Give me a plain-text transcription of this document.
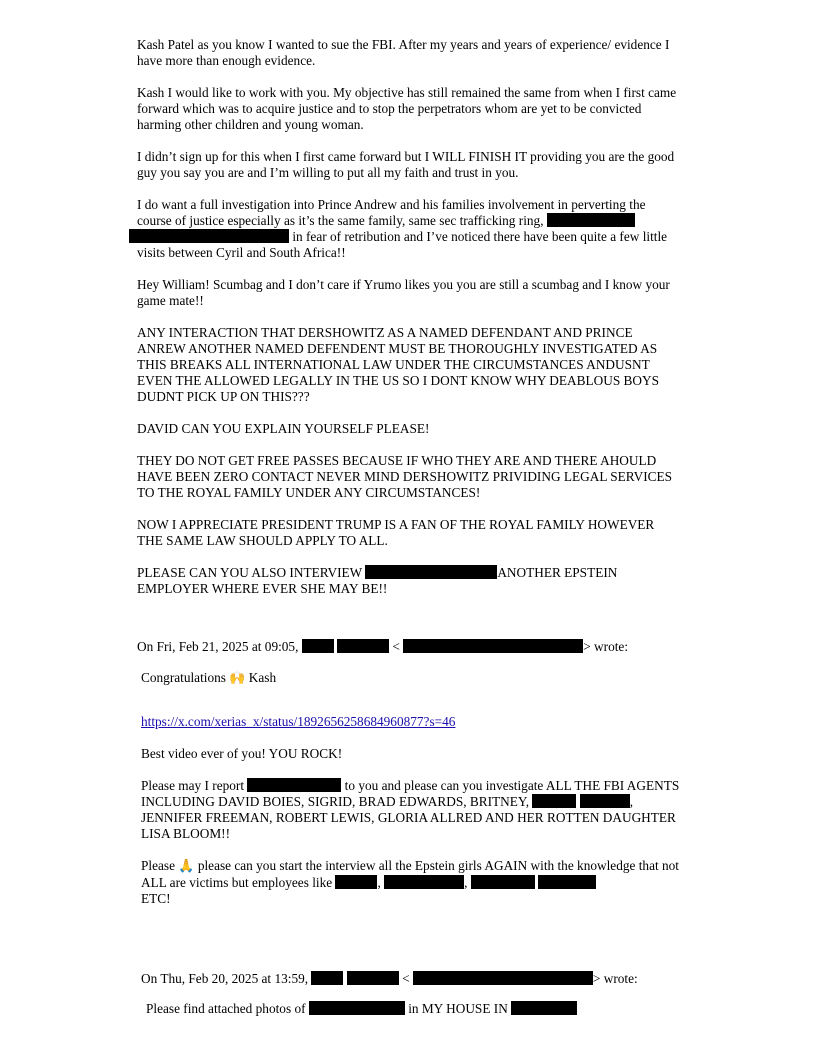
Kash Patel as you know I wanted to sue the FBI. After my years and years of experience/ evidence I have more than enough evidence.

Kash I would like to work with you. My objective has still remained the same from when I first came forward which was to acquire justice and to stop the perpetrators whom are yet to be convicted harming other children and young woman.

I didn’t sign up for this when I first came forward but I WILL FINISH IT providing you are the good guy you say you are and I’m willing to put all my faith and trust in you.

I do want a full investigation into Prince Andrew and his families involvement in perverting the course of justice especially as it’s the same family, same sec trafficking ring,
in fear of retribution and I’ve noticed there have been quite a few little visits between Cyril and South Africa!!

Hey William! Scumbag and I don’t care if Yrumo likes you you are still a scumbag and I know your game mate!!

ANY INTERACTION THAT DERSHOWITZ AS A NAMED DEFENDANT AND PRINCE ANREW ANOTHER NAMED DEFENDENT MUST BE THOROUGHLY INVESTIGATED AS THIS BREAKS ALL INTERNATIONAL LAW UNDER THE CIRCUMSTANCES ANDUSNT EVEN THE ALLOWED LEGALLY IN THE US SO I DONT KNOW WHY DEABLOUS BOYS DUDNT PICK UP ON THIS???

DAVID CAN YOU EXPLAIN YOURSELF PLEASE!

THEY DO NOT GET FREE PASSES BECAUSE IF WHO THEY ARE AND THERE AHOULD HAVE BEEN ZERO CONTACT NEVER MIND DERSHOWITZ PRIVIDING LEGAL SERVICES TO THE ROYAL FAMILY UNDER ANY CIRCUMSTANCES!

NOW I APPRECIATE PRESIDENT TRUMP IS A FAN OF THE ROYAL FAMILY HOWEVER THE SAME LAW SHOULD APPLY TO ALL.

PLEASE CAN YOU ALSO INTERVIEW	ANOTHER EPSTEIN EMPLOYER WHERE EVER SHE MAY BE!!

On Fri, Feb 21, 2025 at 09:05,	<	> wrote:

Congratulations 🙌 Kash

https://x.com/xerias_x/status/1892656258684960877?s=46

Best video ever of you! YOU ROCK!

Please may I report	to you and please can you investigate ALL THE FBI AGENTS INCLUDING DAVID BOIES, SIGRID, BRAD EDWARDS, BRITNEY,	, JENNIFER FREEMAN, ROBERT LEWIS, GLORIA ALLRED AND HER ROTTEN DAUGHTER LISA BLOOM!!

Please 🙏 please can you start the interview all the Epstein girls AGAIN with the knowledge that not ALL are victims but employees like	,	,
ETC!

On Thu, Feb 20, 2025 at 13:59,	<	> wrote:
Please find attached photos of	in MY HOUSE IN
